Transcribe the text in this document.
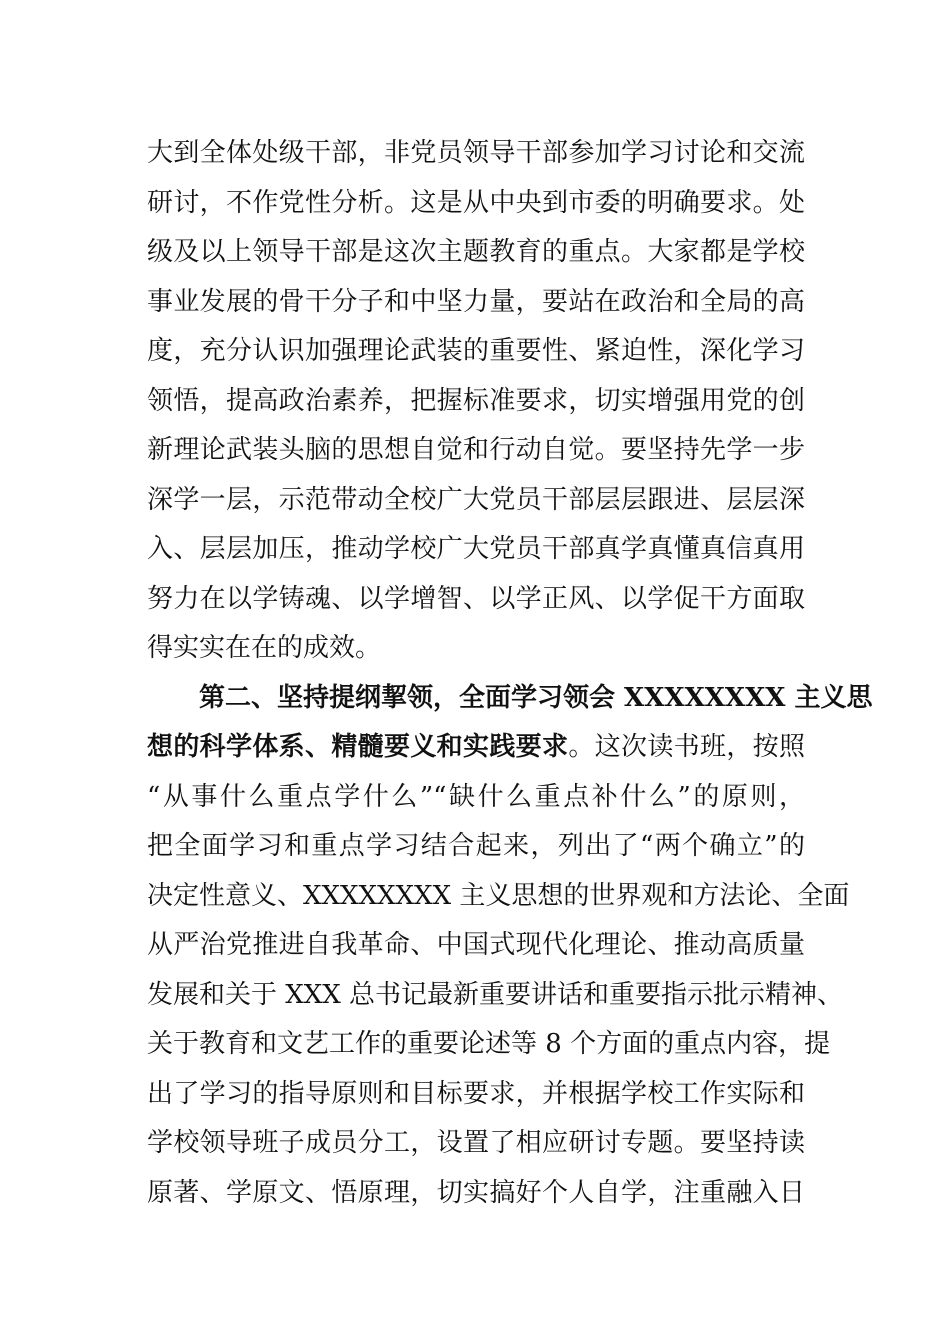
大到全体处级干部，非党员领导干部参加学习讨论和交流
研讨，不作党性分析。这是从中央到市委的明确要求。处
级及以上领导干部是这次主题教育的重点。大家都是学校
事业发展的骨干分子和中坚力量，要站在政治和全局的高
度，充分认识加强理论武装的重要性、紧迫性，深化学习
领悟，提高政治素养，把握标准要求，切实增强用党的创
新理论武装头脑的思想自觉和行动自觉。要坚持先学一步
深学一层，示范带动全校广大党员干部层层跟进、层层深
入、层层加压，推动学校广大党员干部真学真懂真信真用
努力在以学铸魂、以学增智、以学正风、以学促干方面取
得实实在在的成效。
第二、坚持提纲挈领，全面学习领会 XXXXXXXX 主义思
想的科学体系、精髓要义和实践要求。这次读书班，按照
“从事什么重点学什么”“缺什么重点补什么”的原则，
把全面学习和重点学习结合起来，列出了“两个确立”的
决定性意义、XXXXXXXX 主义思想的世界观和方法论、全面
从严治党推进自我革命、中国式现代化理论、推动高质量
发展和关于 XXX 总书记最新重要讲话和重要指示批示精神、
关于教育和文艺工作的重要论述等 8 个方面的重点内容，提
出了学习的指导原则和目标要求，并根据学校工作实际和
学校领导班子成员分工，设置了相应研讨专题。要坚持读
原著、学原文、悟原理，切实搞好个人自学，注重融入日
